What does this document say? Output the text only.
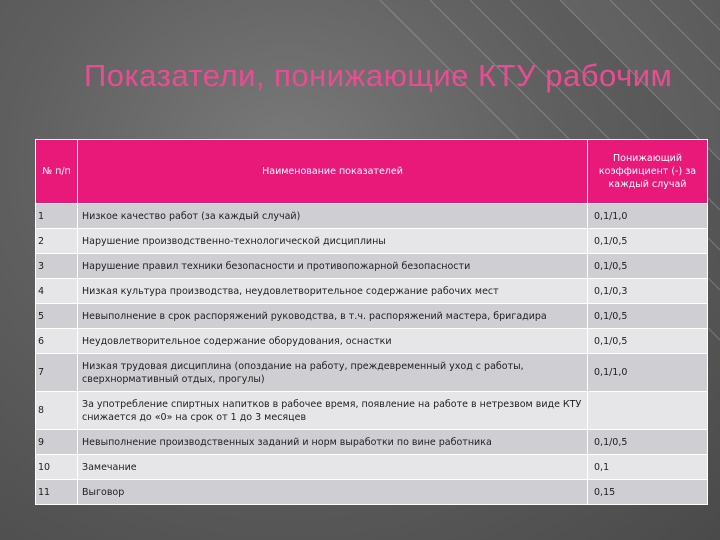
Показатели, понижающие КТУ рабочим
№ п/п	Наименование показателей	Понижающий коэффициент (-) за каждый случай
1	Низкое качество работ (за каждый случай)	0,1/1,0
2	Нарушение производственно-технологической дисциплины	0,1/0,5
3	Нарушение правил техники безопасности и противопожарной безопасности	0,1/0,5
4	Низкая культура производства, неудовлетворительное содержание рабочих мест	0,1/0,3
5	Невыполнение в срок распоряжений руководства, в т.ч. распоряжений мастера, бригадира	0,1/0,5
6	Неудовлетворительное содержание оборудования, оснастки	0,1/0,5
7	Низкая трудовая дисциплина (опоздание на работу, преждевременный уход с работы, сверхнормативный отдых, прогулы)	0,1/1,0
8	За употребление спиртных напитков в рабочее время, появление на работе в нетрезвом виде КТУ снижается до «0» на срок от 1 до 3 месяцев	
9	Невыполнение производственных заданий и норм выработки по вине работника	0,1/0,5
10	Замечание	0,1
11	Выговор	0,15
